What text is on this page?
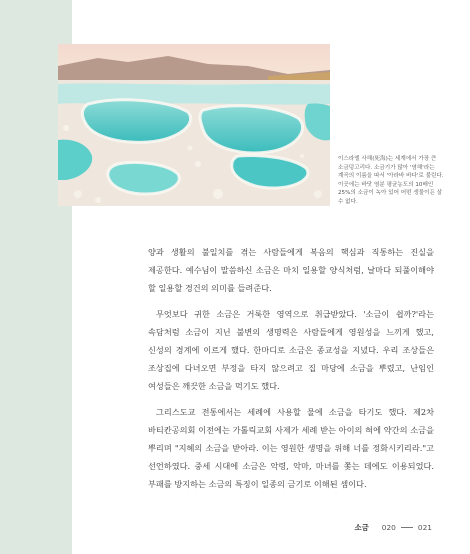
이스라엘 사해(死海)는 세계에서 가장 큰 소금덩고리다. 소금기가 많아 '염해'라는 계곡의 이름을 따서 '아라바 바다'로 불린다. 이곳에는 바닷 염분 평균농도의 10배인 25%의 소금이 녹아 있어 어떤 생물이든 살 수 없다.

양과 생활의 불일치를 겪는 사람들에게 복음의 핵심과 직통하는 진실을 제공한다. 예수님이 말씀하신 소금은 마치 일용할 양식처럼, 날마다 되풀이해야 할 일용할 경건의 의미를 들려준다.

무엇보다 귀한 소금은 거룩한 영역으로 취급받았다. '소금이 쉽까?'라는 속담처럼 소금이 지닌 불변의 생명력은 사람들에게 영원성을 느끼게 했고, 신성의 경계에 이르게 했다. 한마디로 소금은 종교성을 지녔다. 우리 조상들은 조상집에 다녀오면 부정을 타지 않으려고 집 마당에 소금을 뿌렸고, 난임인 여성들은 깨끗한 소금을 먹기도 했다.

그리스도교 전통에서는 세례에 사용할 물에 소금을 타기도 했다. 제2차 바티칸공의회 이전에는 가톨릭교회 사제가 세례 받는 아이의 혀에 약간의 소금을 뿌리며 "지혜의 소금을 받아라. 이는 영원한 생명을 위해 너를 정화시키리라."고 선언하였다. 중세 시대에 소금은 악령, 악마, 마녀를 쫓는 데에도 이용되었다. 부패를 방지하는 소금의 특징이 일종의 금기로 이해된 셈이다.

소금 020	021
